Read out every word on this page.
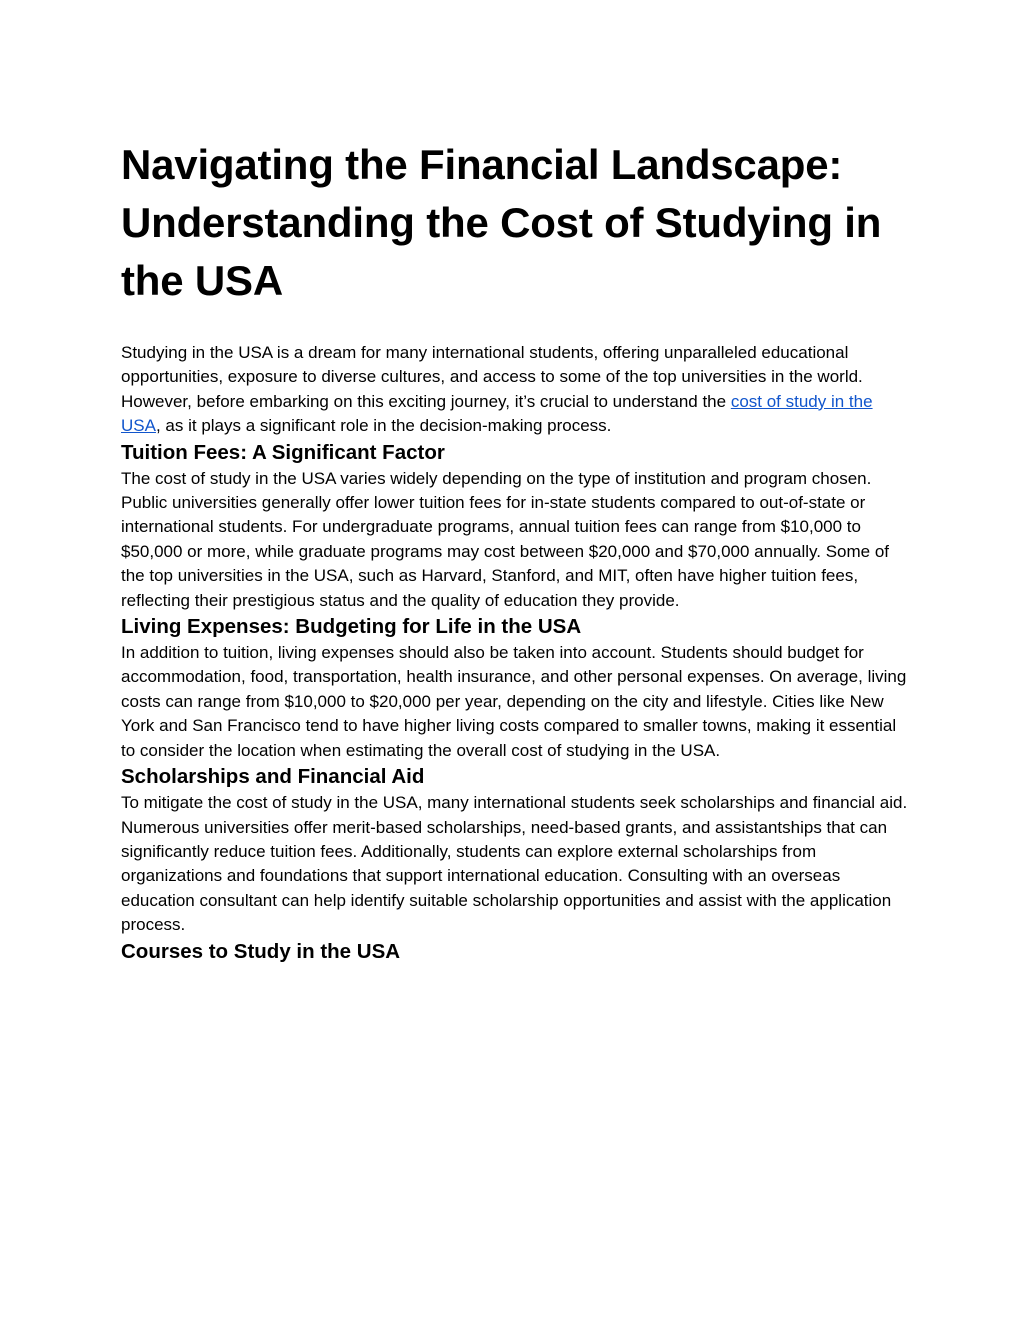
Navigating the Financial Landscape: Understanding the Cost of Studying in the USA

Studying in the USA is a dream for many international students, offering unparalleled educational opportunities, exposure to diverse cultures, and access to some of the top universities in the world. However, before embarking on this exciting journey, it’s crucial to understand the cost of study in the USA, as it plays a significant role in the decision-making process.

Tuition Fees: A Significant Factor

The cost of study in the USA varies widely depending on the type of institution and program chosen. Public universities generally offer lower tuition fees for in-state students compared to out-of-state or international students. For undergraduate programs, annual tuition fees can range from $10,000 to $50,000 or more, while graduate programs may cost between $20,000 and $70,000 annually. Some of the top universities in the USA, such as Harvard, Stanford, and MIT, often have higher tuition fees, reflecting their prestigious status and the quality of education they provide.

Living Expenses: Budgeting for Life in the USA

In addition to tuition, living expenses should also be taken into account. Students should budget for accommodation, food, transportation, health insurance, and other personal expenses. On average, living costs can range from $10,000 to $20,000 per year, depending on the city and lifestyle. Cities like New York and San Francisco tend to have higher living costs compared to smaller towns, making it essential to consider the location when estimating the overall cost of studying in the USA.

Scholarships and Financial Aid

To mitigate the cost of study in the USA, many international students seek scholarships and financial aid. Numerous universities offer merit-based scholarships, need-based grants, and assistantships that can significantly reduce tuition fees. Additionally, students can explore external scholarships from organizations and foundations that support international education. Consulting with an overseas education consultant can help identify suitable scholarship opportunities and assist with the application process.

Courses to Study in the USA
